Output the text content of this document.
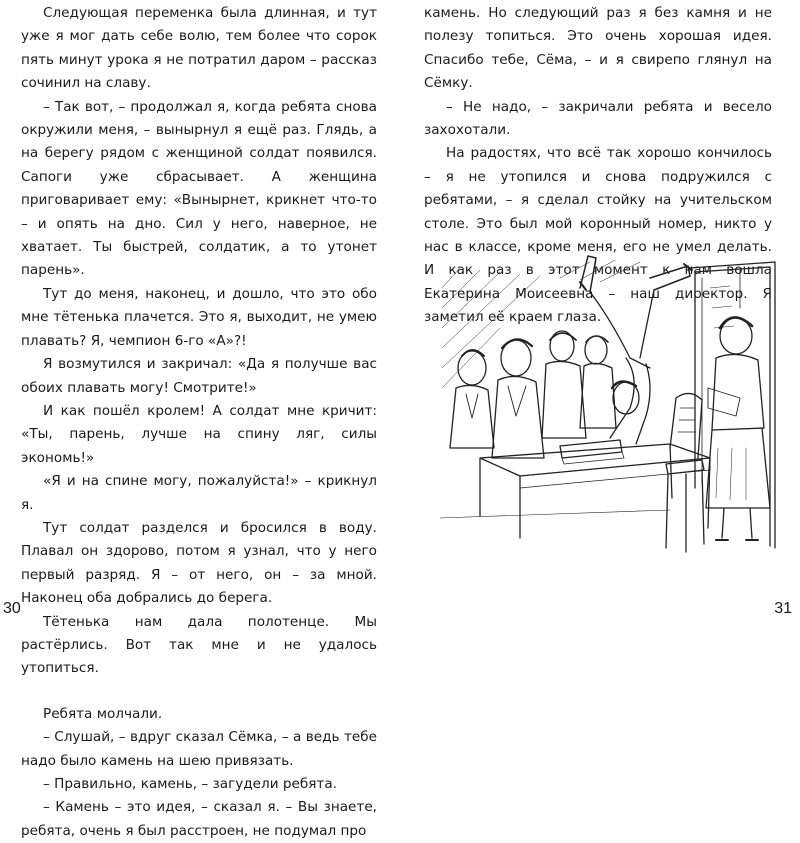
Следующая переменка была длинная, и тут уже я мог дать себе волю, тем более что сорок пять минут урока я не потратил даром – рассказ сочинил на славу.

– Так вот, – продолжал я, когда ребята снова окружили меня, – вынырнул я ещё раз. Глядь, а на берегу рядом с женщиной солдат появился. Сапоги уже сбрасывает. А женщина приговаривает ему: «Вынырнет, крикнет что-то – и опять на дно. Сил у него, наверное, не хватает. Ты быстрей, солдатик, а то утонет парень».

Тут до меня, наконец, и дошло, что это обо мне тётенька плачется. Это я, выходит, не умею плавать? Я, чемпион 6-го «А»?!

Я возмутился и закричал: «Да я получше вас обоих плавать могу! Смотрите!»

И как пошёл кролем! А солдат мне кричит: «Ты, парень, лучше на спину ляг, силы экономь!»

«Я и на спине могу, пожалуйста!» – крикнул я.

Тут солдат разделся и бросился в воду. Плавал он здорово, потом я узнал, что у него первый разряд. Я – от него, он – за мной. Наконец оба добрались до берега.

Тётенька нам дала полотенце. Мы растёрлись. Вот так мне и не удалось утопиться.

Ребята молчали.

– Слушай, – вдруг сказал Сёмка, – а ведь тебе надо было камень на шею привязать.

– Правильно, камень, – загудели ребята.

– Камень – это идея, – сказал я. – Вы знаете, ребята, очень я был расстроен, не подумал про

30

камень. Но следующий раз я без камня и не полезу топиться. Это очень хорошая идея. Спасибо тебе, Сёма, – и я свирепо глянул на Сёмку.

– Не надо, – закричали ребята и весело захохотали.

На радостях, что всё так хорошо кончилось – я не утопился и снова подружился с ребятами, – я сделал стойку на учительском столе. Это был мой коронный номер, никто у нас в классе, кроме меня, его не умел делать. И как раз в этот момент к нам вошла Екатерина Моисеевна – наш директор. Я заметил её краем глаза.

31
